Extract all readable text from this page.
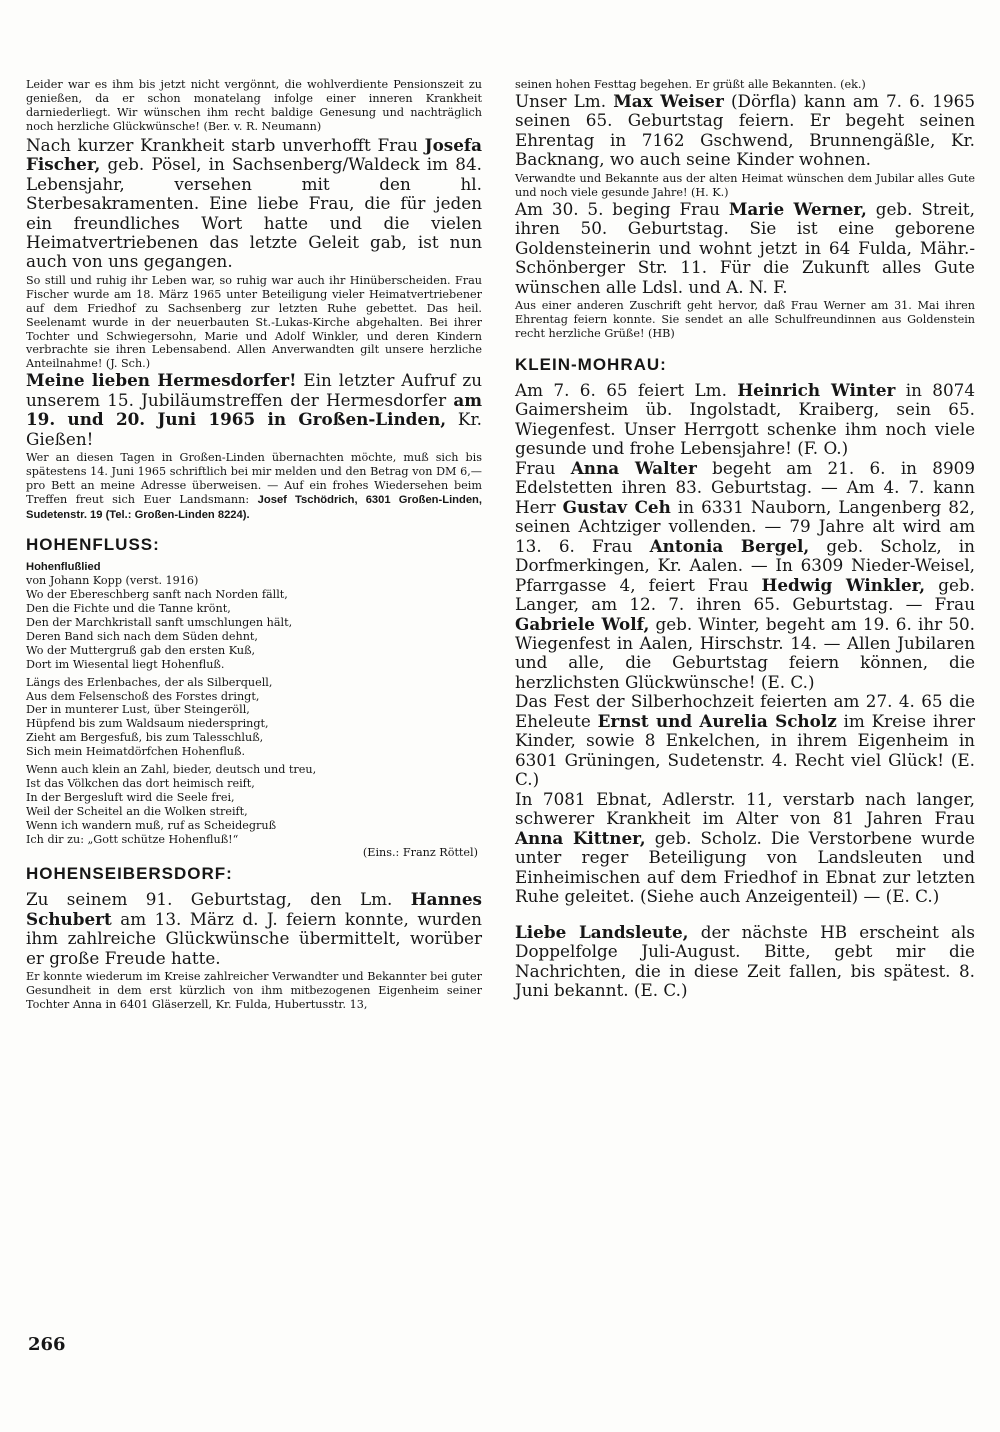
Leider war es ihm bis jetzt nicht vergönnt, die wohlverdiente Pensionszeit zu genießen, da er schon monatelang infolge einer inneren Krankheit darniederliegt. Wir wünschen ihm recht baldige Genesung und nachträglich noch herzliche Glückwünsche! (Ber. v. R. Neumann)

Nach kurzer Krankheit starb unverhofft Frau Josefa Fischer, geb. Pösel, in Sachsenberg/Waldeck im 84. Lebensjahr, versehen mit den hl. Sterbesakramenten. Eine liebe Frau, die für jeden ein freundliches Wort hatte und die vielen Heimatvertriebenen das letzte Geleit gab, ist nun auch von uns gegangen.

So still und ruhig ihr Leben war, so ruhig war auch ihr Hinüberscheiden. Frau Fischer wurde am 18. März 1965 unter Beteiligung vieler Heimatvertriebener auf dem Friedhof zu Sachsenberg zur letzten Ruhe gebettet. Das heil. Seelenamt wurde in der neuerbauten St.-Lukas-Kirche abgehalten. Bei ihrer Tochter und Schwiegersohn, Marie und Adolf Winkler, und deren Kindern verbrachte sie ihren Lebensabend. Allen Anverwandten gilt unsere herzliche Anteilnahme! (J. Sch.)

Meine lieben Hermesdorfer! Ein letzter Aufruf zu unserem 15. Jubiläumstreffen der Hermesdorfer am 19. und 20. Juni 1965 in Großen-Linden, Kr. Gießen!

Wer an diesen Tagen in Großen-Linden übernachten möchte, muß sich bis spätestens 14. Juni 1965 schriftlich bei mir melden und den Betrag von DM 6,— pro Bett an meine Adresse überweisen. — Auf ein frohes Wiedersehen beim Treffen freut sich Euer Landsmann: Josef Tschödrich, 6301 Großen-Linden, Sudetenstr. 19 (Tel.: Großen-Linden 8224).

HOHENFLUSS:
Hohenflußlied
von Johann Kopp (verst. 1916)
Wo der Ebereschberg sanft nach Norden fällt,
Den die Fichte und die Tanne krönt,
Den der Marchkristall sanft umschlungen hält,
Deren Band sich nach dem Süden dehnt,
Wo der Muttergruß gab den ersten Kuß,
Dort im Wiesental liegt Hohenfluß.
Längs des Erlenbaches, der als Silberquell,
Aus dem Felsenschoß des Forstes dringt,
Der in munterer Lust, über Steingeröll,
Hüpfend bis zum Waldsaum niederspringt,
Zieht am Bergesfuß, bis zum Talesschluß,
Sich mein Heimatdörfchen Hohenfluß.
Wenn auch klein an Zahl, bieder, deutsch und treu,
Ist das Völkchen das dort heimisch reift,
In der Bergesluft wird die Seele frei,
Weil der Scheitel an die Wolken streift,
Wenn ich wandern muß, ruf as Scheidegruß
Ich dir zu: „Gott schütze Hohenfluß!“
(Eins.: Franz Röttel)
HOHENSEIBERSDORF:

Zu seinem 91. Geburtstag, den Lm. Hannes Schubert am 13. März d. J. feiern konnte, wurden ihm zahlreiche Glückwünsche übermittelt, worüber er große Freude hatte.

Er konnte wiederum im Kreise zahlreicher Verwandter und Bekannter bei guter Gesundheit in dem erst kürzlich von ihm mitbezogenen Eigenheim seiner Tochter Anna in 6401 Gläserzell, Kr. Fulda, Hubertusstr. 13,

seinen hohen Festtag begehen. Er grüßt alle Bekannten. (ek.)

Unser Lm. Max Weiser (Dörfla) kann am 7. 6. 1965 seinen 65. Geburtstag feiern. Er begeht seinen Ehrentag in 7162 Gschwend, Brunnengäßle, Kr. Backnang, wo auch seine Kinder wohnen.

Verwandte und Bekannte aus der alten Heimat wünschen dem Jubilar alles Gute und noch viele gesunde Jahre! (H. K.)

Am 30. 5. beging Frau Marie Werner, geb. Streit, ihren 50. Geburtstag. Sie ist eine geborene Goldensteinerin und wohnt jetzt in 64 Fulda, Mähr.-Schönberger Str. 11. Für die Zukunft alles Gute wünschen alle Ldsl. und A. N. F.

Aus einer anderen Zuschrift geht hervor, daß Frau Werner am 31. Mai ihren Ehrentag feiern konnte. Sie sendet an alle Schulfreundinnen aus Goldenstein recht herzliche Grüße! (HB)

KLEIN-MOHRAU:

Am 7. 6. 65 feiert Lm. Heinrich Winter in 8074 Gaimersheim üb. Ingolstadt, Kraiberg, sein 65. Wiegenfest. Unser Herrgott schenke ihm noch viele gesunde und frohe Lebensjahre! (F. O.)

Frau Anna Walter begeht am 21. 6. in 8909 Edelstetten ihren 83. Geburtstag. — Am 4. 7. kann Herr Gustav Ceh in 6331 Nauborn, Langenberg 82, seinen Achtziger vollenden. — 79 Jahre alt wird am 13. 6. Frau Antonia Bergel, geb. Scholz, in Dorfmerkingen, Kr. Aalen. — In 6309 Nieder-Weisel, Pfarrgasse 4, feiert Frau Hedwig Winkler, geb. Langer, am 12. 7. ihren 65. Geburtstag. — Frau Gabriele Wolf, geb. Winter, begeht am 19. 6. ihr 50. Wiegenfest in Aalen, Hirschstr. 14. — Allen Jubilaren und alle, die Geburtstag feiern können, die herzlichsten Glückwünsche! (E. C.)

Das Fest der Silberhochzeit feierten am 27. 4. 65 die Eheleute Ernst und Aurelia Scholz im Kreise ihrer Kinder, sowie 8 Enkelchen, in ihrem Eigenheim in 6301 Grüningen, Sudetenstr. 4. Recht viel Glück! (E. C.)

In 7081 Ebnat, Adlerstr. 11, verstarb nach langer, schwerer Krankheit im Alter von 81 Jahren Frau Anna Kittner, geb. Scholz. Die Verstorbene wurde unter reger Beteiligung von Landsleuten und Einheimischen auf dem Friedhof in Ebnat zur letzten Ruhe geleitet. (Siehe auch Anzeigenteil) — (E. C.)

Liebe Landsleute, der nächste HB erscheint als Doppelfolge Juli-August. Bitte, gebt mir die Nachrichten, die in diese Zeit fallen, bis spätest. 8. Juni bekannt. (E. C.)

266
